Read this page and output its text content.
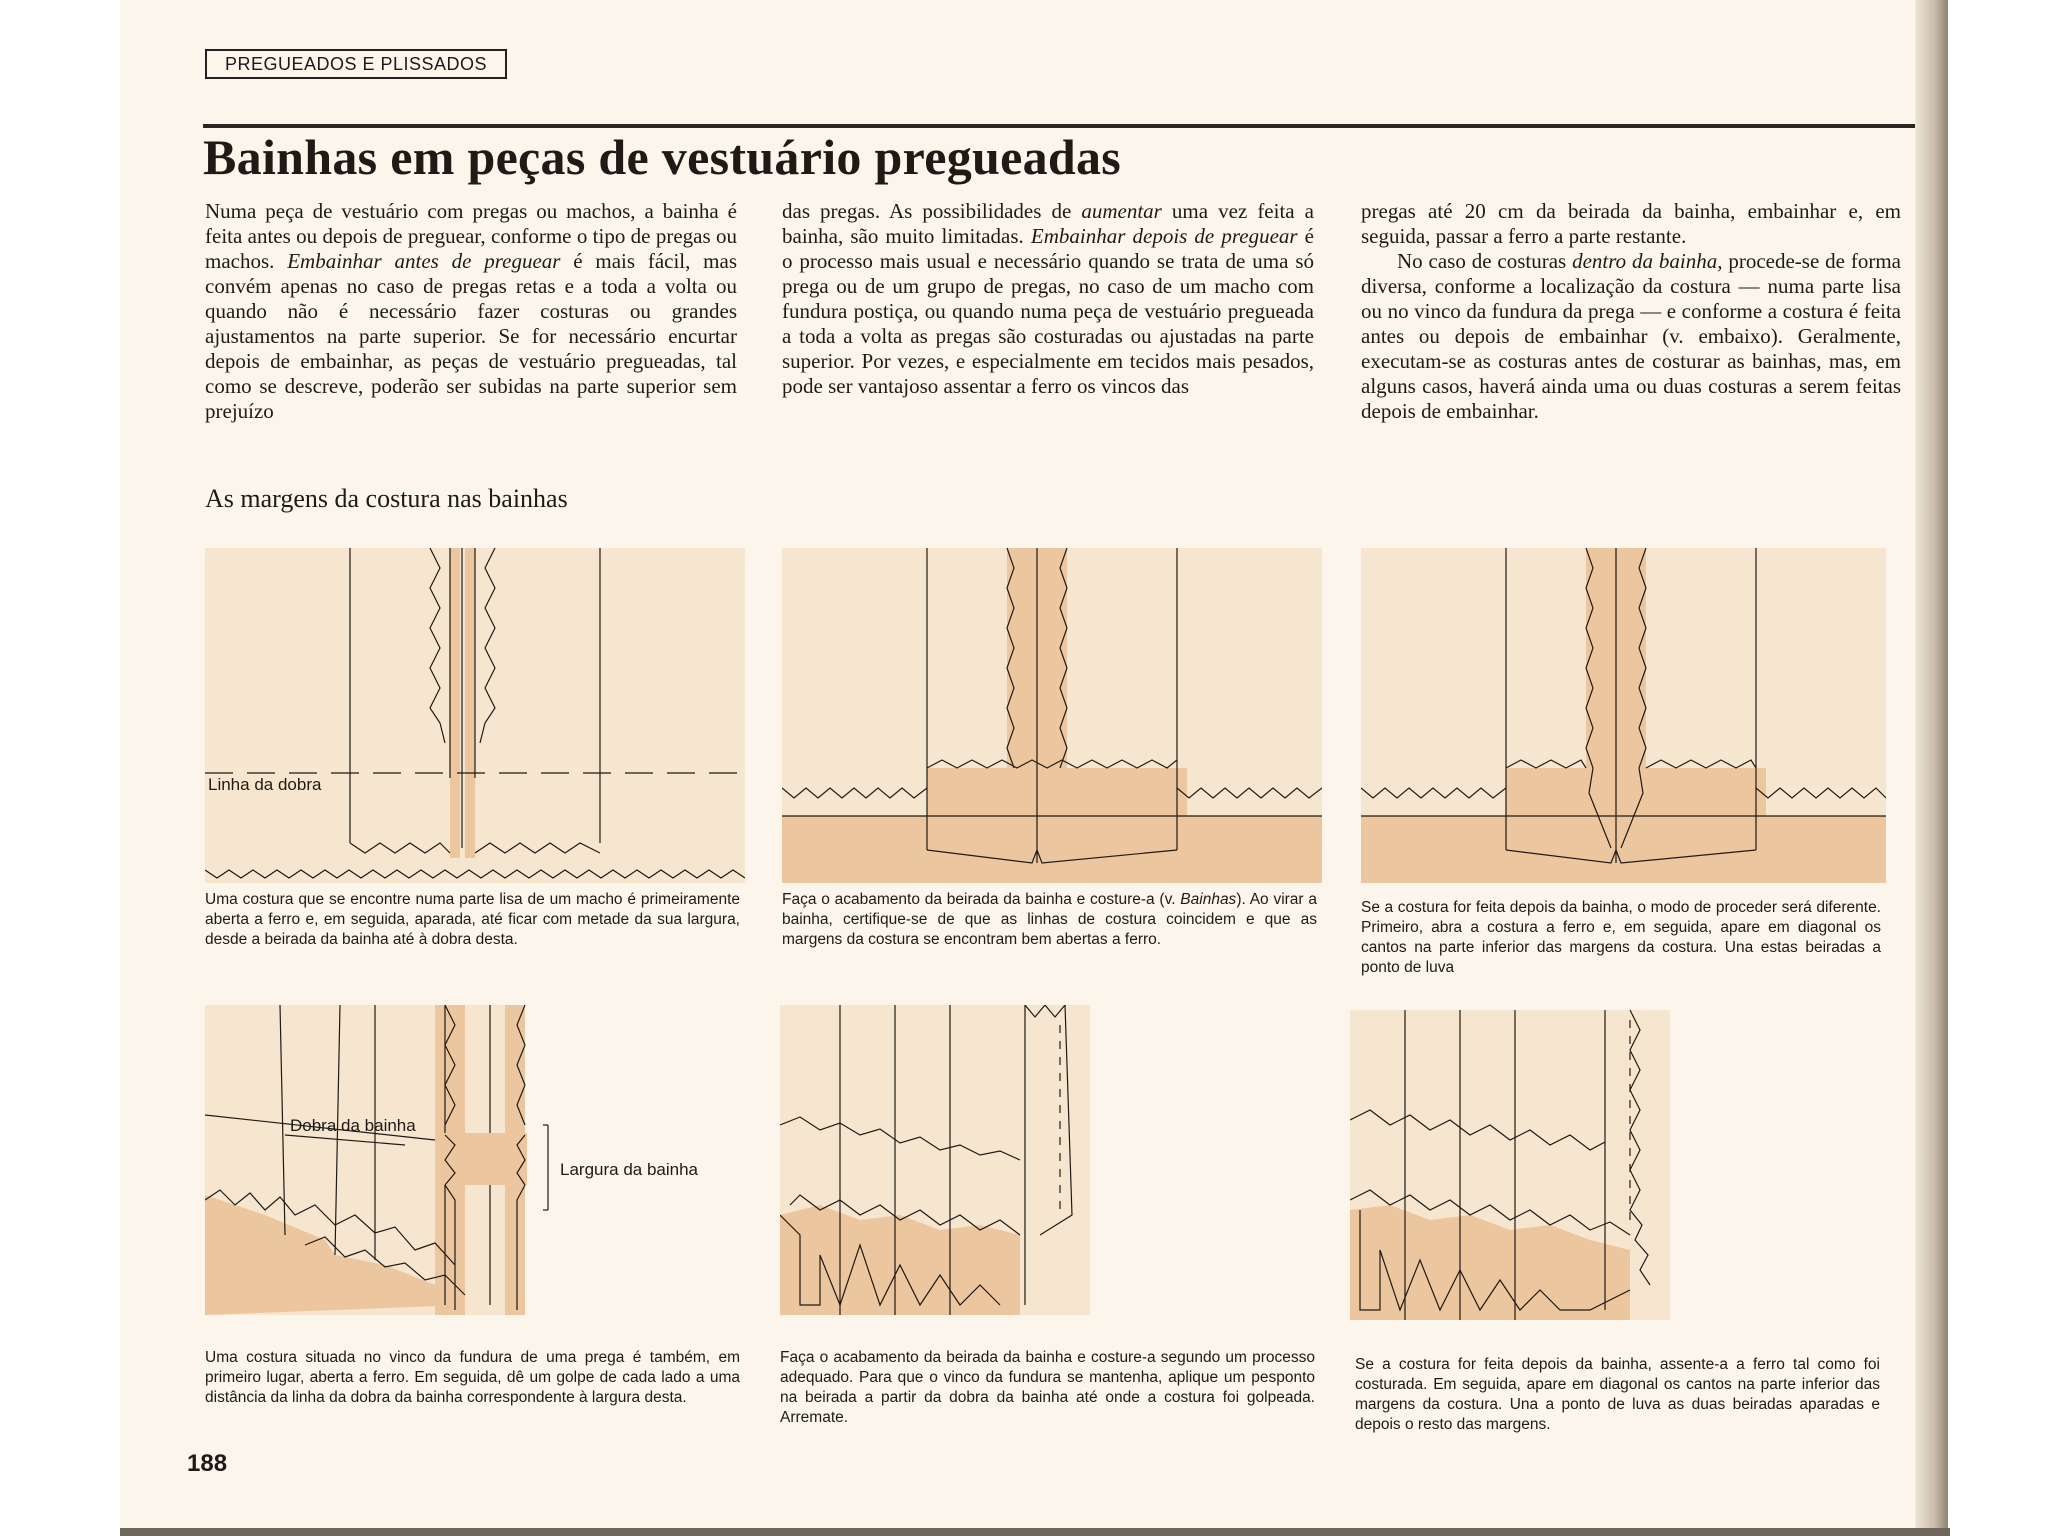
PREGUEADOS E PLISSADOS
Bainhas em peças de vestuário pregueadas

Numa peça de vestuário com pregas ou machos, a bainha é feita antes ou depois de preguear, conforme o tipo de pregas ou machos. Embainhar antes de preguear é mais fácil, mas convém apenas no caso de pregas retas e a toda a volta ou quando não é necessário fazer costuras ou grandes ajustamentos na parte superior. Se for necessário encurtar depois de embainhar, as peças de vestuário pregueadas, tal como se descreve, poderão ser subidas na parte superior sem prejuízo

das pregas. As possibilidades de aumentar uma vez feita a bainha, são muito limitadas. Embainhar depois de preguear é o processo mais usual e necessário quando se trata de uma só prega ou de um grupo de pregas, no caso de um macho com fundura postiça, ou quando numa peça de vestuário pregueada a toda a volta as pregas são costuradas ou ajustadas na parte superior. Por vezes, e especialmente em tecidos mais pesados, pode ser vantajoso assentar a ferro os vincos das

pregas até 20 cm da beirada da bainha, embainhar e, em seguida, passar a ferro a parte restante.

No caso de costuras dentro da bainha, procede-se de forma diversa, conforme a localização da costura — numa parte lisa ou no vinco da fundura da prega — e conforme a costura é feita antes ou depois de embainhar (v. embaixo). Geralmente, executam-se as costuras antes de costurar as bainhas, mas, em alguns casos, haverá ainda uma ou duas costuras a serem feitas depois de embainhar.

As margens da costura nas bainhas
Linha da dobra

Uma costura que se encontre numa parte lisa de um macho é primeiramente aberta a ferro e, em seguida, aparada, até ficar com metade da sua largura, desde a beirada da bainha até à dobra desta.

Faça o acabamento da beirada da bainha e costure-a (v. Bainhas). Ao virar a bainha, certifique-se de que as linhas de costura coincidem e que as margens da costura se encontram bem abertas a ferro.

Se a costura for feita depois da bainha, o modo de proceder será diferente. Primeiro, abra a costura a ferro e, em seguida, apare em diagonal os cantos na parte inferior das margens da costura. Una estas beiradas a ponto de luva

Dobra da bainha
Largura da bainha

Uma costura situada no vinco da fundura de uma prega é também, em primeiro lugar, aberta a ferro. Em seguida, dê um golpe de cada lado a uma distância da linha da dobra da bainha correspondente à largura desta.

Faça o acabamento da beirada da bainha e costure-a segundo um processo adequado. Para que o vinco da fundura se mantenha, aplique um pesponto na beirada a partir da dobra da bainha até onde a costura foi golpeada. Arremate.

Se a costura for feita depois da bainha, assente-a a ferro tal como foi costurada. Em seguida, apare em diagonal os cantos na parte inferior das margens da costura. Una a ponto de luva as duas beiradas aparadas e depois o resto das margens.

188
